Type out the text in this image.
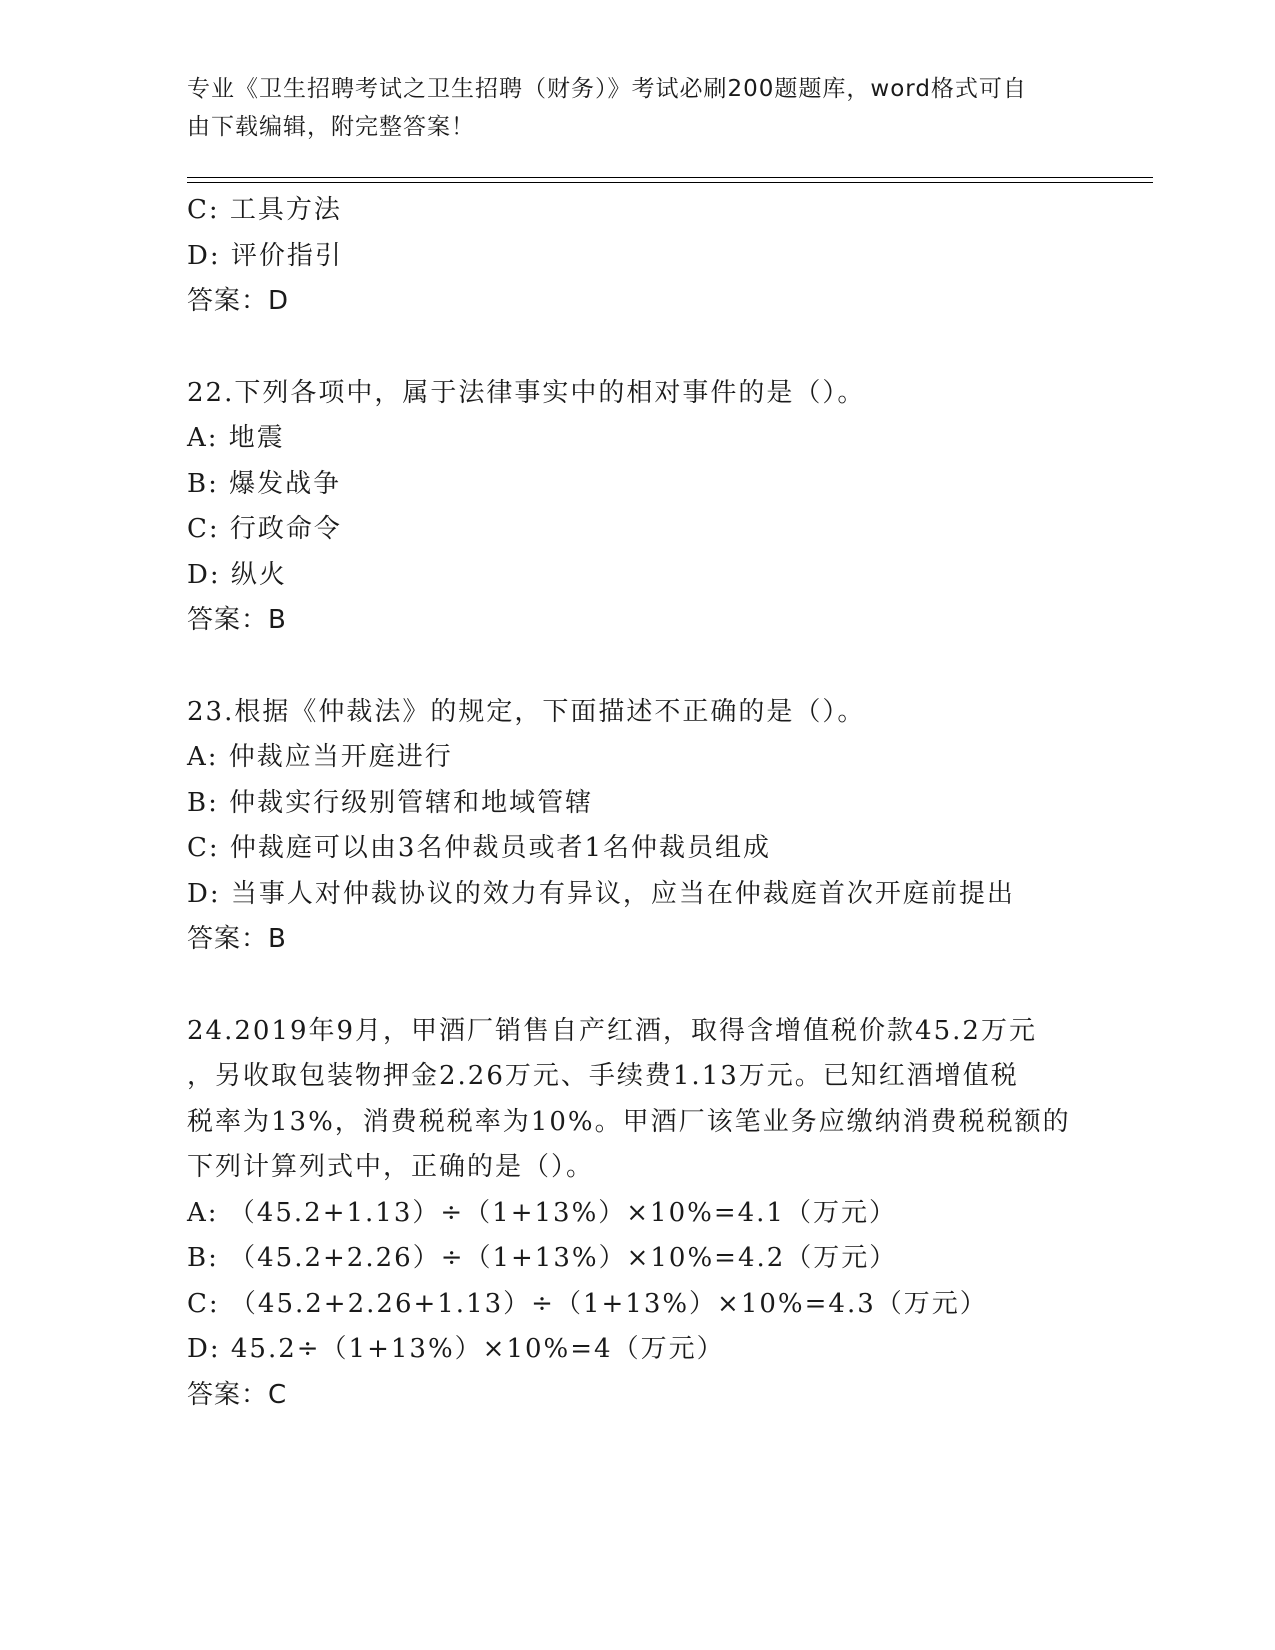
专业《卫生招聘考试之卫生招聘（财务）》考试必刷200题题库，word格式可自
由下载编辑，附完整答案！
C: 工具方法
D: 评价指引
答案：D
22.下列各项中，属于法律事实中的相对事件的是（）。
A: 地震
B: 爆发战争
C: 行政命令
D: 纵火
答案：B
23.根据《仲裁法》的规定，下面描述不正确的是（）。
A: 仲裁应当开庭进行
B: 仲裁实行级别管辖和地域管辖
C: 仲裁庭可以由3名仲裁员或者1名仲裁员组成
D: 当事人对仲裁协议的效力有异议，应当在仲裁庭首次开庭前提出
答案：B
24.2019年9月，甲酒厂销售自产红酒，取得含增值税价款45.2万元
，另收取包装物押金2.26万元、手续费1.13万元。已知红酒增值税
税率为13%，消费税税率为10%。甲酒厂该笔业务应缴纳消费税税额的
下列计算列式中，正确的是（）。
A: （45.2+1.13）÷（1+13%）×10%=4.1（万元）
B: （45.2+2.26）÷（1+13%）×10%=4.2（万元）
C: （45.2+2.26+1.13）÷（1+13%）×10%=4.3（万元）
D: 45.2÷（1+13%）×10%=4（万元）
答案：C
